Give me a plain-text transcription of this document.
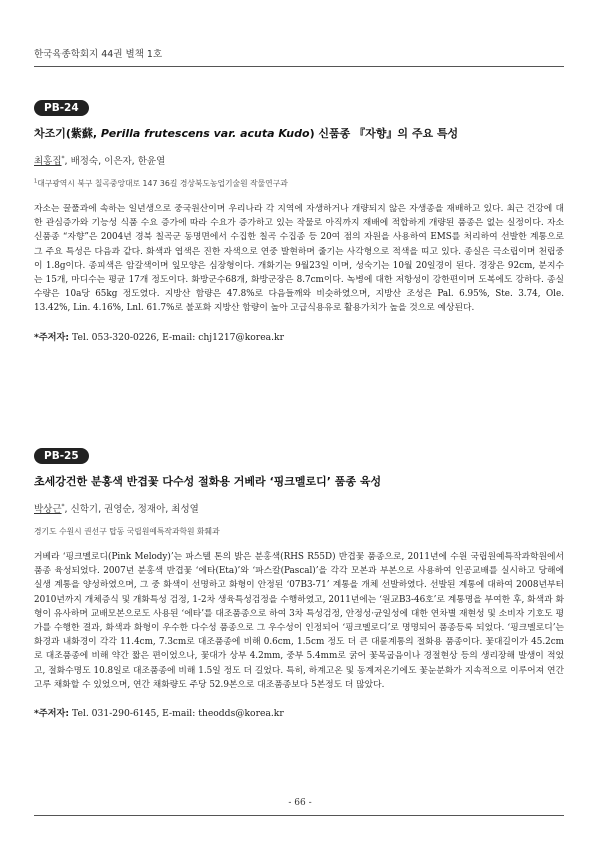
한국육종학회지 44권 별책 1호
PB-24
차조기(紫蘇, Perilla frutescens var. acuta Kudo) 신품종 『자향』의 주요 특성
최홍집*, 배정숙, 이은자, 한윤열
$^1$대구광역시 북구 칠곡중앙대로 147 36길 경상북도농업기술원 작물연구과
자소는 꿀풀과에 속하는 일년생으로 중국원산이며 우리나라 각 지역에 자생하거나 개량되지 않은 자생종을 재배하고 있다. 최근 건강에 대한 관심증가와 기능성 식품 수요 증가에 따라 수요가 증가하고 있는 작물로 아직까지 재배에 적합하게 개량된 품종은 없는 실정이다. 자소 신품종 “자향”은 2004년 경북 칠곡군 동명면에서 수집한 칠곡 수집종 등 20여 점의 자원을 사용하여 EMS를 처리하여 선발한 계통으로 그 주요 특성은 다음과 같다. 화색과 엽색은 진한 자색으로 연중 발현하며 줄기는 사각형으로 적색을 띠고 있다. 종실은 극소립이며 천립중이 1.8g이다. 종피색은 암갈색이며 잎모양은 심장형이다. 개화기는 9월23일 이며, 성숙기는 10월 20일경이 된다. 경장은 92cm, 분지수는 15개, 마디수는 평균 17개 정도이다. 화방군수68개, 화방군장은 8.7cm이다. 녹병에 대한 저항성이 강한편이며 도복에도 강하다. 종실수량은 10a당 65kg 정도였다. 지방산 함량은 47.8%로 다음들깨와 비슷하였으며, 지방산 조성은 Pal. 6.95%, Ste. 3.74, Ole. 13.42%, Lin. 4.16%, Lnl. 61.7%로 불포화 지방산 함량이 높아 고급식용유로 활용가치가 높을 것으로 예상된다.
*주저자: Tel. 053-320-0226, E-mail: chj1217@korea.kr
PB-25
초세강건한 분홍색 반겹꽃 다수성 절화용 거베라 ‘핑크멜로디’ 품종 육성
박상근*, 신학기, 권영순, 정재아, 최성열
경기도 수원시 권선구 탑동 국립원예특작과학원 화훼과
거베라 ‘핑크멜로디(Pink Melody)’는 파스텔 톤의 밝은 분홍색(RHS R55D) 반겹꽃 품종으로, 2011년에 수원 국립원예특작과학원에서 품종 육성되었다. 2007년 분홍색 반겹꽃 ‘에타(Eta)’와 ‘파스칼(Pascal)’을 각각 모본과 부본으로 사용하여 인공교배를 실시하고 당해에 실생 계통을 양성하였으며, 그 중 화색이 선명하고 화형이 안정된 ‘07B3-71’ 계통을 개체 선발하였다. 선발된 계통에 대하여 2008년부터 2010년까지 개체증식 및 개화특성 검정, 1-2차 생육특성검정을 수행하였고, 2011년에는 ‘원교B3-46호’로 계통명을 부여한 후, 화색과 화형이 유사하며 교배모본으로도 사용된 ‘에타’를 대조품종으로 하여 3차 특성검정, 안정성·균일성에 대한 연차별 재현성 및 소비자 기호도 평가를 수행한 결과, 화색과 화형이 우수한 다수성 품종으로 그 우수성이 인정되어 ‘핑크멜로디’로 명명되어 품종등록 되었다. ‘핑크멜로디’는 화경과 내화경이 각각 11.4cm, 7.3cm로 대조품종에 비해 0.6cm, 1.5cm 정도 더 큰 대륜계통의 절화용 품종이다. 꽃대길이가 45.2cm로 대조품종에 비해 약간 짧은 편이었으나, 꽃대가 상부 4.2mm, 중부 5.4mm로 굵어 꽃목굽음이나 경절현상 등의 생리장해 발생이 적었고, 절화수명도 10.8일로 대조품종에 비해 1.5일 정도 더 길었다. 특히, 하계고온 및 동계저온기에도 꽃눈분화가 지속적으로 이루어져 연간 고루 채화할 수 있었으며, 연간 채화량도 주당 52.9본으로 대조품종보다 5본정도 더 많았다.
*주저자: Tel. 031-290-6145, E-mail: theodds@korea.kr
- 66 -
